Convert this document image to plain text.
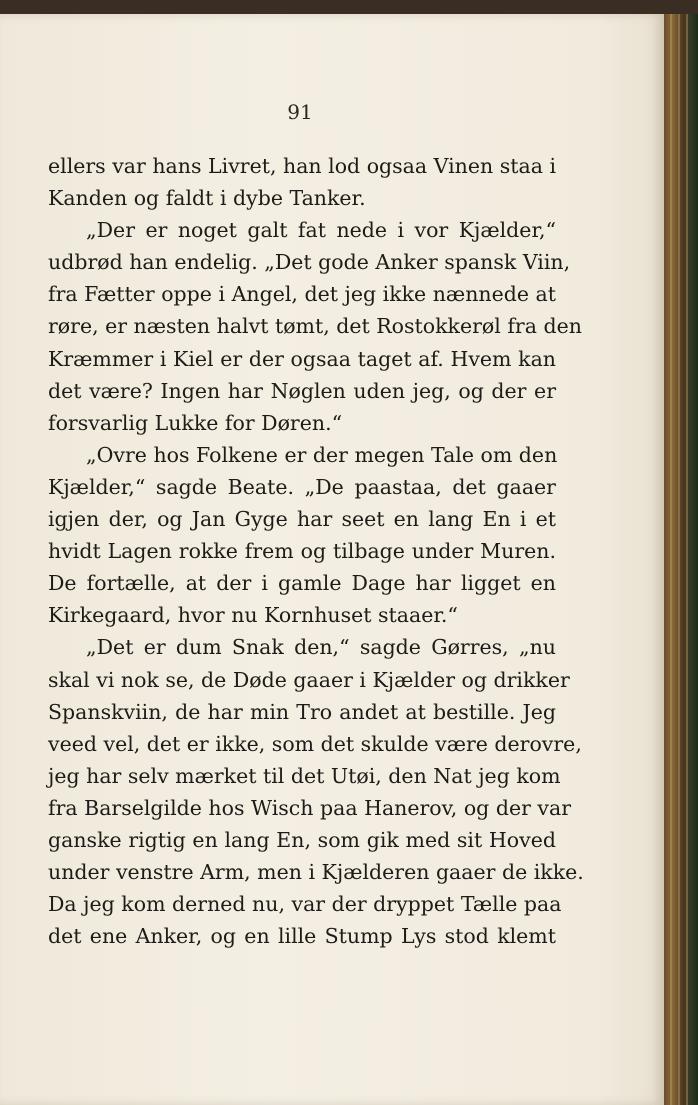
91
ellers var hans Livret, han lod ogsaa Vinen staa i
Kanden og faldt i dybe Tanker.
„Der er noget galt fat nede i vor Kjælder,“
udbrød han endelig. „Det gode Anker spansk Viin,
fra Fætter oppe i Angel, det jeg ikke nænnede at
røre, er næsten halvt tømt, det Rostokkerøl fra den
Kræmmer i Kiel er der ogsaa taget af. Hvem kan
det være? Ingen har Nøglen uden jeg, og der er
forsvarlig Lukke for Døren.“
„Ovre hos Folkene er der megen Tale om den
Kjælder,“ sagde Beate. „De paastaa, det gaaer
igjen der, og Jan Gyge har seet en lang En i et
hvidt Lagen rokke frem og tilbage under Muren.
De fortælle, at der i gamle Dage har ligget en
Kirkegaard, hvor nu Kornhuset staaer.“
„Det er dum Snak den,“ sagde Gørres, „nu
skal vi nok se, de Døde gaaer i Kjælder og drikker
Spanskviin, de har min Tro andet at bestille. Jeg
veed vel, det er ikke, som det skulde være derovre,
jeg har selv mærket til det Utøi, den Nat jeg kom
fra Barselgilde hos Wisch paa Hanerov, og der var
ganske rigtig en lang En, som gik med sit Hoved
under venstre Arm, men i Kjælderen gaaer de ikke.
Da jeg kom derned nu, var der dryppet Tælle paa
det ene Anker, og en lille Stump Lys stod klemt
